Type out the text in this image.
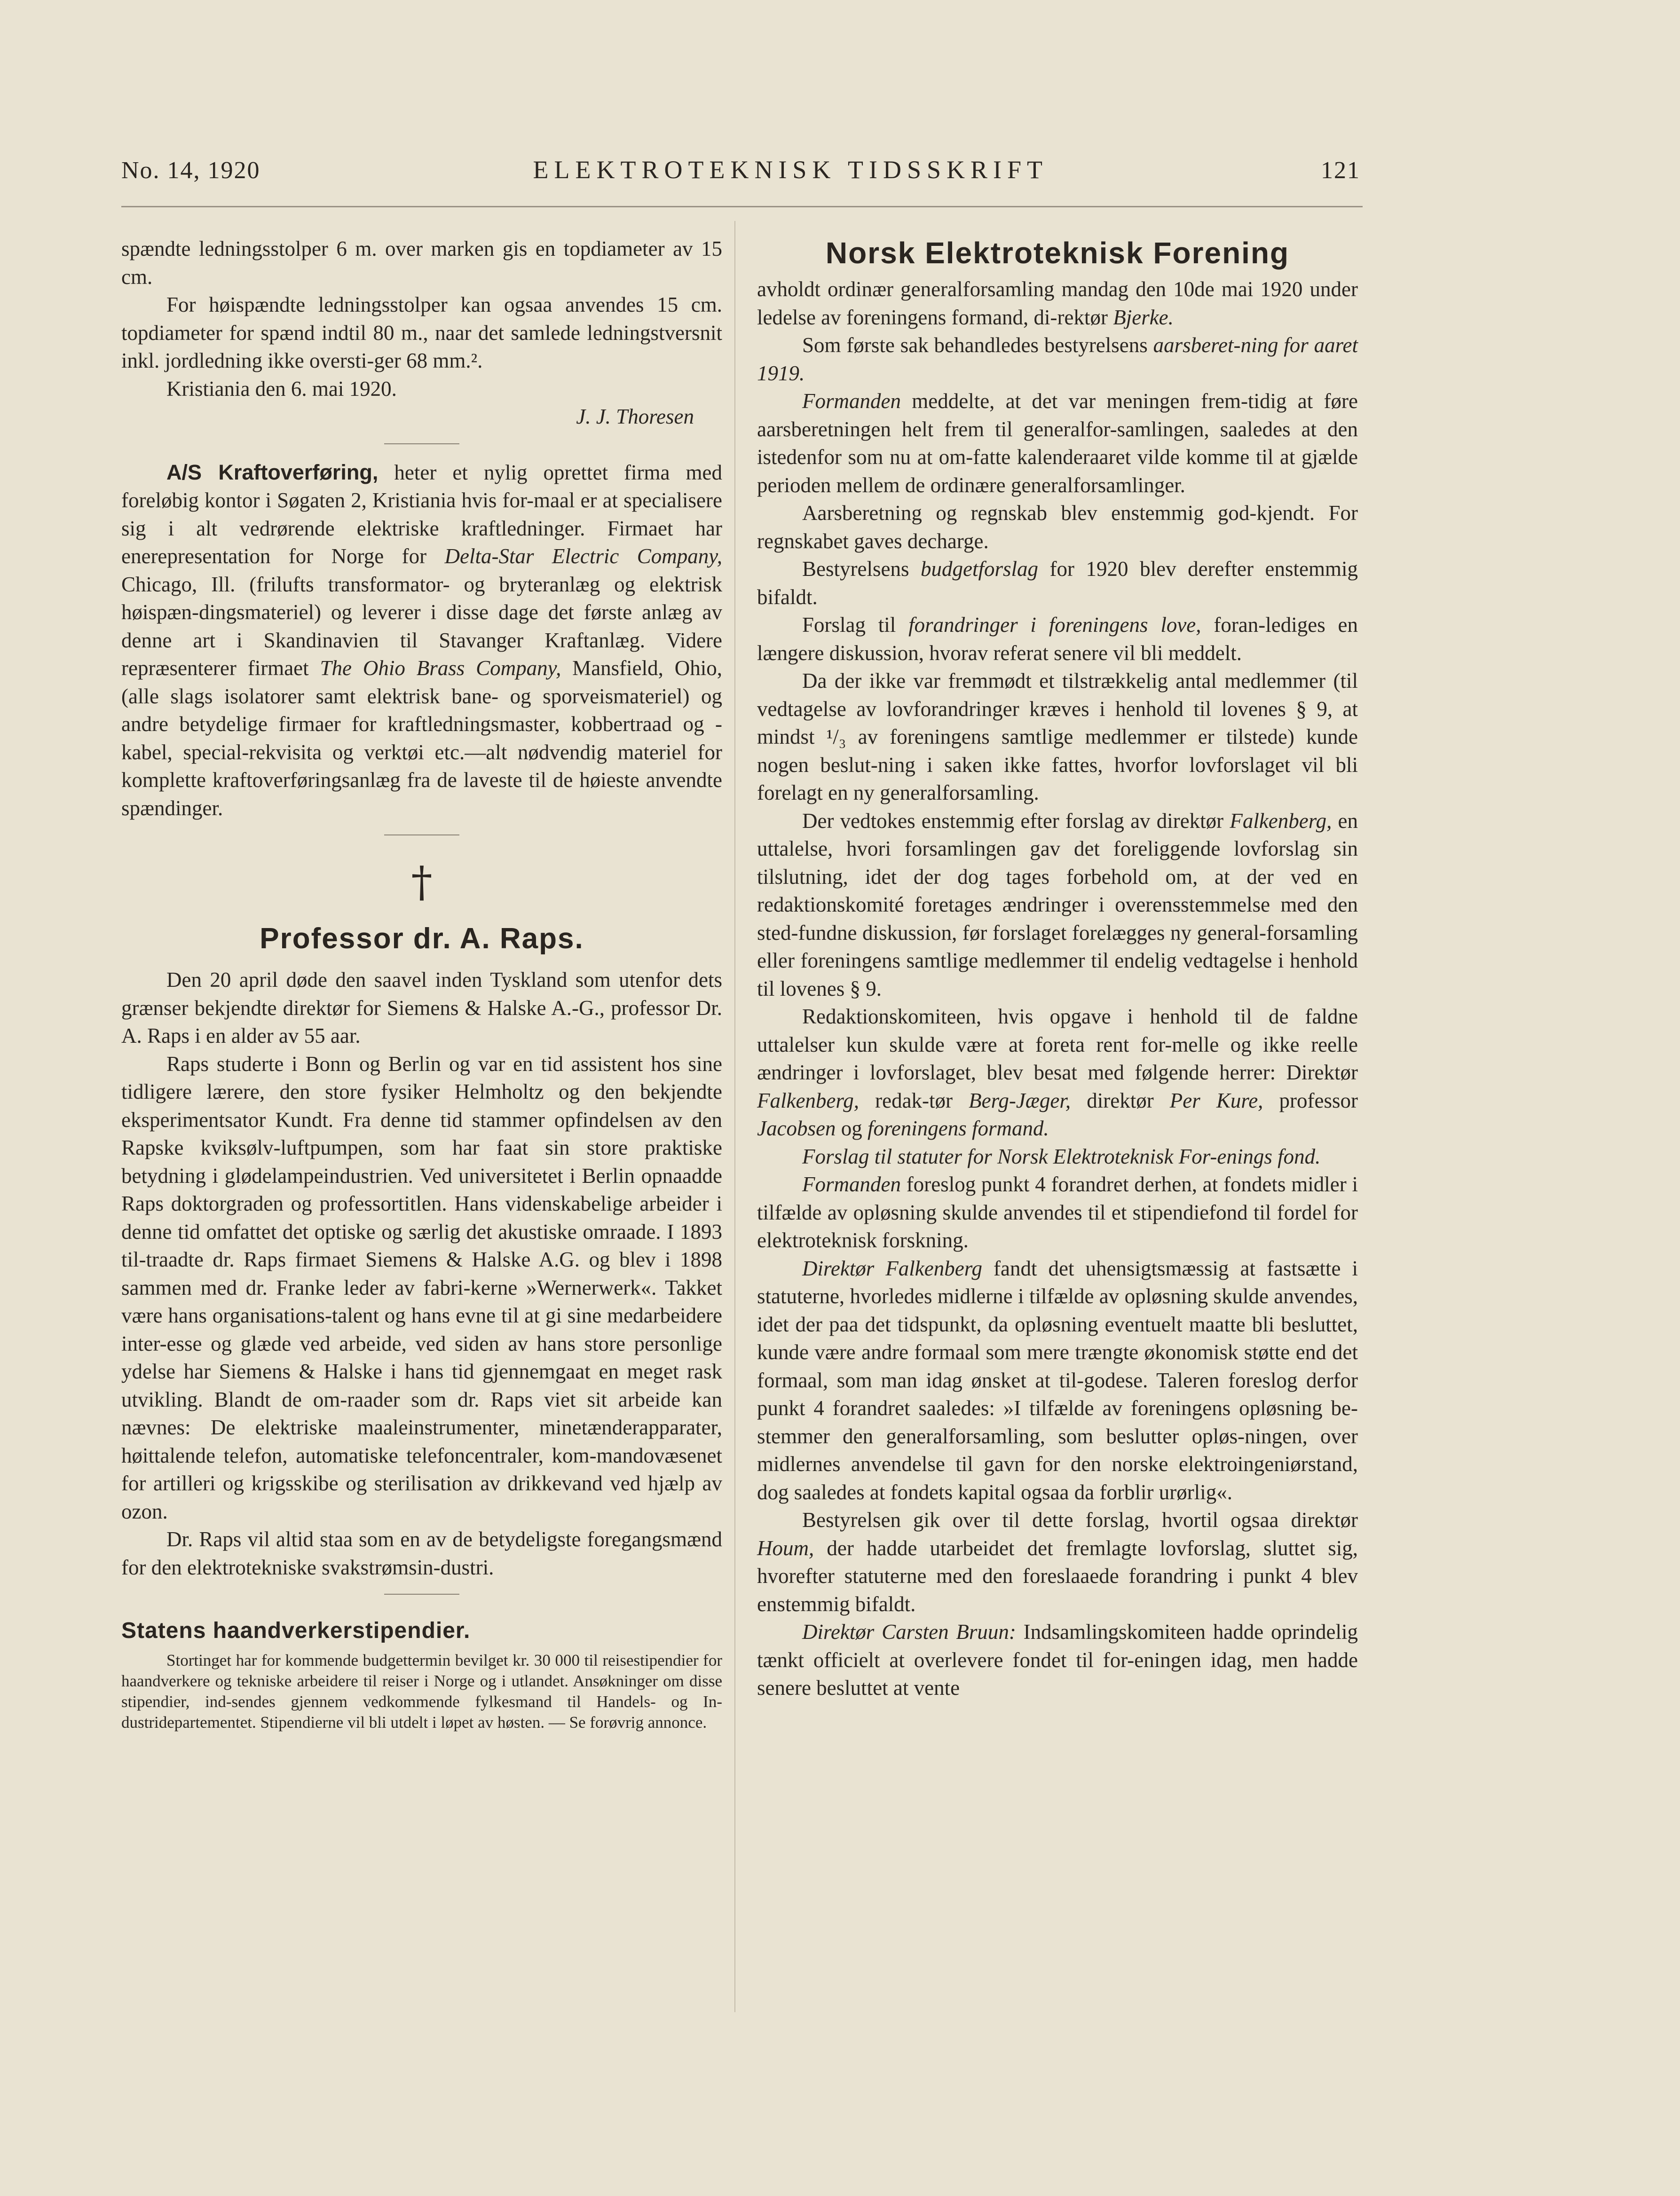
No. 14, 1920	ELEKTROTEKNISK TIDSSKRIFT	121

spændte ledningsstolper 6 m. over marken gis en topdiameter av 15 cm.

For høispændte ledningsstolper kan ogsaa anvendes 15 cm. topdiameter for spænd indtil 80 m., naar det samlede ledningstversnit inkl. jordledning ikke oversti-ger 68 mm.².

Kristiania den 6. mai 1920.

J. J. Thoresen

A/S Kraftoverføring, heter et nylig oprettet firma med foreløbig kontor i Søgaten 2, Kristiania hvis for-maal er at specialisere sig i alt vedrørende elektriske kraftledninger. Firmaet har enerepresentation for Norge for Delta-Star Electric Company, Chicago, Ill. (frilufts transformator- og bryteranlæg og elektrisk høispæn-dingsmateriel) og leverer i disse dage det første anlæg av denne art i Skandinavien til Stavanger Kraftanlæg. Videre repræsenterer firmaet The Ohio Brass Company, Mansfield, Ohio, (alle slags isolatorer samt elektrisk bane- og sporveismateriel) og andre betydelige firmaer for kraftledningsmaster, kobbertraad og -kabel, special-rekvisita og verktøi etc.—alt nødvendig materiel for komplette kraftoverføringsanlæg fra de laveste til de høieste anvendte spændinger.

†
Professor dr. A. Raps.

Den 20 april døde den saavel inden Tyskland som utenfor dets grænser bekjendte direktør for Siemens & Halske A.-G., professor Dr. A. Raps i en alder av 55 aar.

Raps studerte i Bonn og Berlin og var en tid assistent hos sine tidligere lærere, den store fysiker Helmholtz og den bekjendte eksperimentsator Kundt. Fra denne tid stammer opfindelsen av den Rapske kviksølv-luftpumpen, som har faat sin store praktiske betydning i glødelampeindustrien. Ved universitetet i Berlin opnaadde Raps doktorgraden og professortitlen. Hans videnskabelige arbeider i denne tid omfattet det optiske og særlig det akustiske omraade. I 1893 til-traadte dr. Raps firmaet Siemens & Halske A.G. og blev i 1898 sammen med dr. Franke leder av fabri-kerne »Wernerwerk«. Takket være hans organisations-talent og hans evne til at gi sine medarbeidere inter-esse og glæde ved arbeide, ved siden av hans store personlige ydelse har Siemens & Halske i hans tid gjennemgaat en meget rask utvikling. Blandt de om-raader som dr. Raps viet sit arbeide kan nævnes: De elektriske maaleinstrumenter, minetænderapparater, høittalende telefon, automatiske telefoncentraler, kom-mandovæsenet for artilleri og krigsskibe og sterilisation av drikkevand ved hjælp av ozon.

Dr. Raps vil altid staa som en av de betydeligste foregangsmænd for den elektrotekniske svakstrømsin-dustri.

Statens haandverkerstipendier.

Stortinget har for kommende budgettermin bevilget kr. 30 000 til reisestipendier for haandverkere og tekniske arbeidere til reiser i Norge og i utlandet. Ansøkninger om disse stipendier, ind-sendes gjennem vedkommende fylkesmand til Handels- og In-dustridepartementet. Stipendierne vil bli utdelt i løpet av høsten. — Se forøvrig annonce.

Norsk Elektroteknisk Forening

avholdt ordinær generalforsamling mandag den 10de mai 1920 under ledelse av foreningens formand, di-rektør Bjerke.

Som første sak behandledes bestyrelsens aarsberet-ning for aaret 1919.

Formanden meddelte, at det var meningen frem-tidig at føre aarsberetningen helt frem til generalfor-samlingen, saaledes at den istedenfor som nu at om-fatte kalenderaaret vilde komme til at gjælde perioden mellem de ordinære generalforsamlinger.

Aarsberetning og regnskab blev enstemmig god-kjendt. For regnskabet gaves decharge.

Bestyrelsens budgetforslag for 1920 blev derefter enstemmig bifaldt.

Forslag til forandringer i foreningens love, foran-lediges en længere diskussion, hvorav referat senere vil bli meddelt.

Da der ikke var fremmødt et tilstrækkelig antal medlemmer (til vedtagelse av lovforandringer kræves i henhold til lovenes § 9, at mindst ¹/₃ av foreningens samtlige medlemmer er tilstede) kunde nogen beslut-ning i saken ikke fattes, hvorfor lovforslaget vil bli forelagt en ny generalforsamling.

Der vedtokes enstemmig efter forslag av direktør Falkenberg, en uttalelse, hvori forsamlingen gav det foreliggende lovforslag sin tilslutning, idet der dog tages forbehold om, at der ved en redaktionskomité foretages ændringer i overensstemmelse med den sted-fundne diskussion, før forslaget forelægges ny general-forsamling eller foreningens samtlige medlemmer til endelig vedtagelse i henhold til lovenes § 9.

Redaktionskomiteen, hvis opgave i henhold til de faldne uttalelser kun skulde være at foreta rent for-melle og ikke reelle ændringer i lovforslaget, blev besat med følgende herrer: Direktør Falkenberg, redak-tør Berg-Jæger, direktør Per Kure, professor Jacobsen og foreningens formand.

Forslag til statuter for Norsk Elektroteknisk For-enings fond.

Formanden foreslog punkt 4 forandret derhen, at fondets midler i tilfælde av opløsning skulde anvendes til et stipendiefond til fordel for elektroteknisk forskning.

Direktør Falkenberg fandt det uhensigtsmæssig at fastsætte i statuterne, hvorledes midlerne i tilfælde av opløsning skulde anvendes, idet der paa det tidspunkt, da opløsning eventuelt maatte bli besluttet, kunde være andre formaal som mere trængte økonomisk støtte end det formaal, som man idag ønsket at til-godese. Taleren foreslog derfor punkt 4 forandret saaledes: »I tilfælde av foreningens opløsning be-stemmer den generalforsamling, som beslutter opløs-ningen, over midlernes anvendelse til gavn for den norske elektroingeniørstand, dog saaledes at fondets kapital ogsaa da forblir urørlig«.

Bestyrelsen gik over til dette forslag, hvortil ogsaa direktør Houm, der hadde utarbeidet det fremlagte lovforslag, sluttet sig, hvorefter statuterne med den foreslaaede forandring i punkt 4 blev enstemmig bifaldt.

Direktør Carsten Bruun: Indsamlingskomiteen hadde oprindelig tænkt officielt at overlevere fondet til for-eningen idag, men hadde senere besluttet at vente
